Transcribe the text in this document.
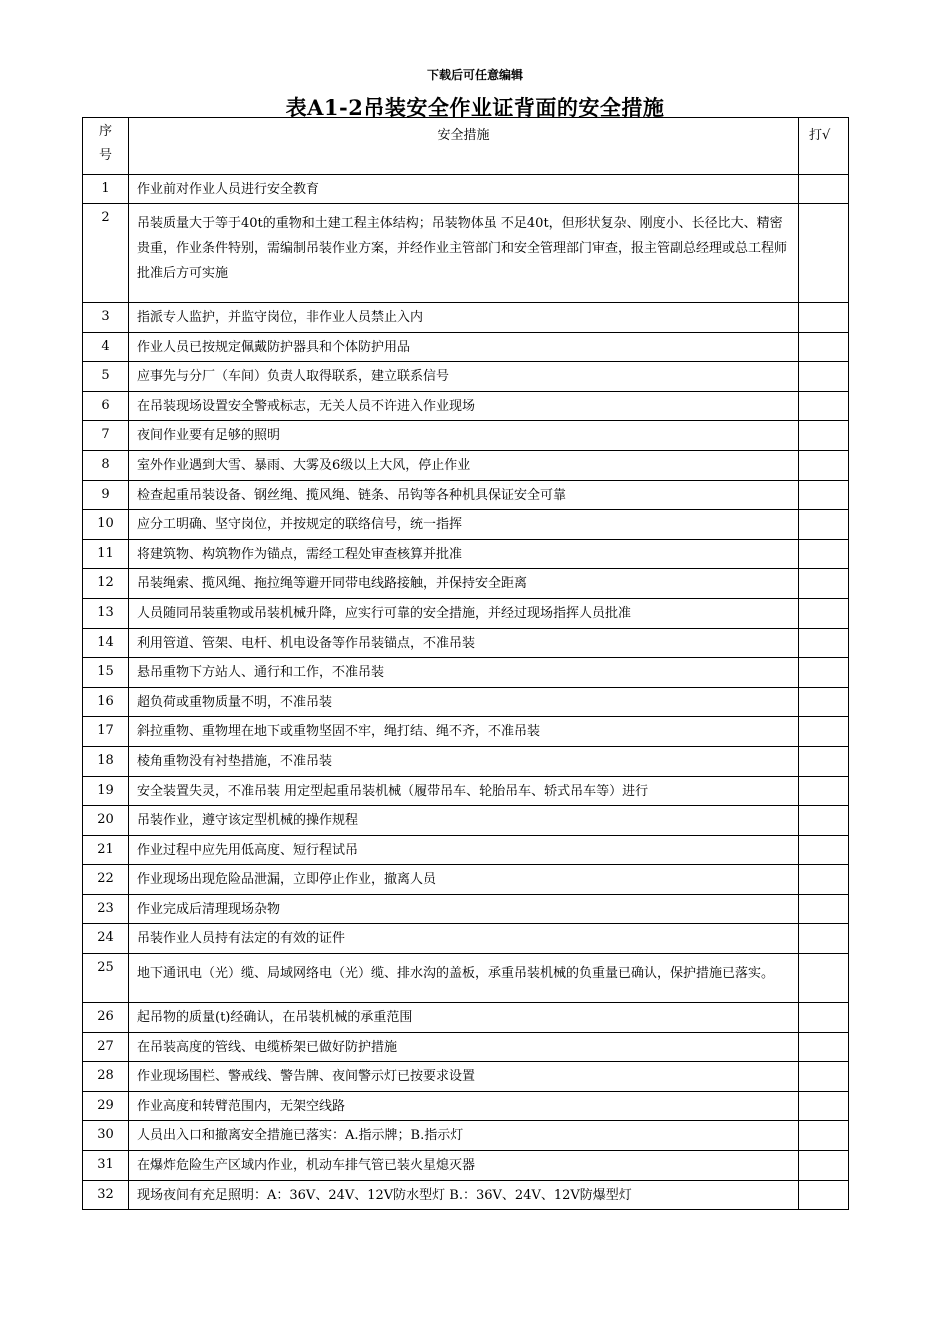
下载后可任意编辑
表A1-2吊装安全作业证背面的安全措施
序号	安全措施	打√
1	作业前对作业人员进行安全教育	
2	吊装质量大于等于40t的重物和土建工程主体结构；吊装物体虽 不足40t，但形状复杂、刚度小、长径比大、精密贵重，作业条件特别，需编制吊装作业方案，并经作业主管部门和安全管理部门审查，报主管副总经理或总工程师批准后方可实施	
3	指派专人监护，并监守岗位，非作业人员禁止入内	
4	作业人员已按规定佩戴防护器具和个体防护用品	
5	应事先与分厂（车间）负责人取得联系，建立联系信号	
6	在吊装现场设置安全警戒标志，无关人员不许进入作业现场	
7	夜间作业要有足够的照明	
8	室外作业遇到大雪、暴雨、大雾及6级以上大风，停止作业	
9	检查起重吊装设备、钢丝绳、揽风绳、链条、吊钩等各种机具保证安全可靠	
10	应分工明确、坚守岗位，并按规定的联络信号，统一指挥	
11	将建筑物、构筑物作为锚点，需经工程处审查核算并批准	
12	吊装绳索、揽风绳、拖拉绳等避开同带电线路接触，并保持安全距离	
13	人员随同吊装重物或吊装机械升降，应实行可靠的安全措施，并经过现场指挥人员批准	
14	利用管道、管架、电杆、机电设备等作吊装锚点，不准吊装	
15	悬吊重物下方站人、通行和工作，不准吊装	
16	超负荷或重物质量不明，不准吊装	
17	斜拉重物、重物埋在地下或重物坚固不牢，绳打结、绳不齐，不准吊装	
18	棱角重物没有衬垫措施，不准吊装	
19	安全装置失灵，不准吊装 用定型起重吊装机械（履带吊车、轮胎吊车、轿式吊车等）进行	
20	吊装作业，遵守该定型机械的操作规程	
21	作业过程中应先用低高度、短行程试吊	
22	作业现场出现危险品泄漏，立即停止作业，撤离人员	
23	作业完成后清理现场杂物	
24	吊装作业人员持有法定的有效的证件	
25	地下通讯电（光）缆、局域网络电（光）缆、排水沟的盖板，承重吊装机械的负重量已确认，保护措施已落实。	
26	起吊物的质量(t)经确认，在吊装机械的承重范围	
27	在吊装高度的管线、电缆桥架已做好防护措施	
28	作业现场围栏、警戒线、警告牌、夜间警示灯已按要求设置	
29	作业高度和转臂范围内，无架空线路	
30	人员出入口和撤离安全措施已落实：A.指示牌；B.指示灯	
31	在爆炸危险生产区域内作业，机动车排气管已装火星熄灭器	
32	现场夜间有充足照明：A：36V、24V、12V防水型灯 B.：36V、24V、12V防爆型灯	
